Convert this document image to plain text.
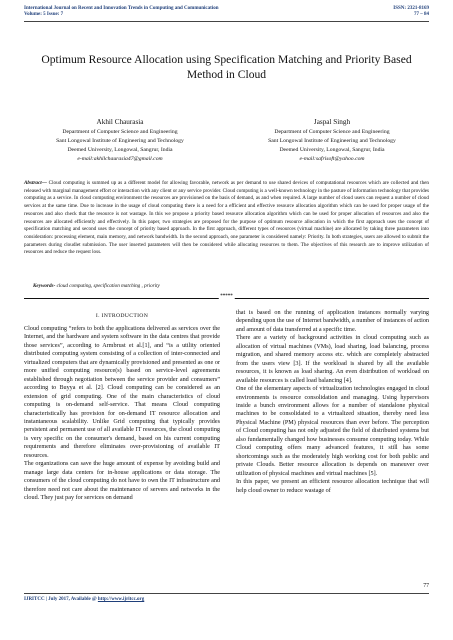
International Journal on Recent and Innovation Trends in Computing and Communication
Volume: 5 Issue: 7
ISSN: 2321-8169
77 – 84
Optimum Resource Allocation using Specification Matching and Priority Based
Method in Cloud
Akhil Chaurasia
Department of Computer Science and Engineering
Sant Longowal Institute of Engineering and Technology
Deemed University, Longowal, Sangrur, India
e-mail:akhilchaurasia47@gmail.com
Jaspal Singh
Department of Computer Science and Engineering
Sant Longowal Institute of Engineering and Technology
Deemed University, Longowal, Sangrur, India
e-mail:safrisoft@yahoo.com
Abstract— Cloud computing is summed up as a different model for allowing favorable, network as per demand to use shared devices of computational resources which are collected and then released with marginal management effort or interaction with any client or any service provider. Cloud computing is a well-known technology in the pasture of information technology that provides computing as a service. In cloud computing environment the resources are provisioned on the basis of demand, as and when required. A large number of cloud users can request a number of cloud services at the same time. Due to increase in the usage of cloud computing there is a need for a efficient and effective resource allocation algorithm which can be used for proper usage of the resources and also check that the resource is not wastage. In this we propose a priority based resource allocation algorithm which can be used for proper allocation of resources and also the resources are allocated efficiently and effectively. In this paper, two strategies are proposed for the purpose of optimum resource allocation in which the first approach uses the concept of specification matching and second uses the concept of priority based approach. In the first approach, different types of resources (virtual machine) are allocated by taking three parameters into consideration: processing element, main memory, and network bandwidth. In the second approach, one parameter is considered namely: Priority. In both strategies, users are allowed to submit the parameters during cloudlet submission. The user inserted parameters will then be considered while allocating resources to them. The objectives of this research are to improve utilization of resources and reduce the request loss.
Keywords- cloud computing, specification matching , priority
*****
I. INTRODUCTION

Cloud computing “refers to both the applications delivered as services over the Internet, and the hardware and system software in the data centres that provide those services”, according to Armbrust et al.[1], and “is a utility oriented distributed computing system consisting of a collection of inter-connected and virtualized computers that are dynamically provisioned and presented as one or more unified computing resource(s) based on service-level agreements established through negotiation between the service provider and consumers” according to Buyya et al. [2]. Cloud computing can be considered as an extension of grid computing. One of the main characteristics of cloud computing is on-demand self-service. That means Cloud computing characteristically has provision for on-demand IT resource allocation and instantaneous scalability. Unlike Grid computing that typically provides persistent and permanent use of all available IT resources, the cloud computing is very specific on the consumer's demand, based on his current computing requirements and therefore eliminates over-provisioning of available IT resources.

The organizations can save the huge amount of expense by avoiding build and manage large data centers for in-house applications or data storage. The consumers of the cloud computing do not have to own the IT infrastructure and therefore need not care about the maintenance of servers and networks in the cloud. They just pay for services on demand

that is based on the running of application instances normally varying depending upon the use of Internet bandwidth, a number of instances of action and amount of data transferred at a specific time.

There are a variety of background activities in cloud computing such as allocation of virtual machines (VMs), load sharing, load balancing, process migration, and shared memory access etc. which are completely abstracted from the users view [3]. If the workload is shared by all the available resources, it is known as load sharing. An even distribution of workload on available resources is called load balancing [4].

One of the elementary aspects of virtualization technologies engaged in cloud environments is resource consolidation and managing. Using hypervisors inside a bunch environment allows for a number of standalone physical machines to be consolidated to a virtualized situation, thereby need less Physical Machine (PM) physical resources than ever before. The perception of Cloud computing has not only adjusted the field of distributed systems but also fundamentally changed how businesses consume computing today. While Cloud computing offers many advanced features, it still has some shortcomings such as the moderately high working cost for both public and private Clouds. Better resource allocation is depends on maneuver over utilization of physical machines and virtual machines [5].

In this paper, we present an efficient resource allocation technique that will help cloud owner to reduce wastage of

77
IJRITCC | July 2017, Available @ http://www.ijritcc.org
